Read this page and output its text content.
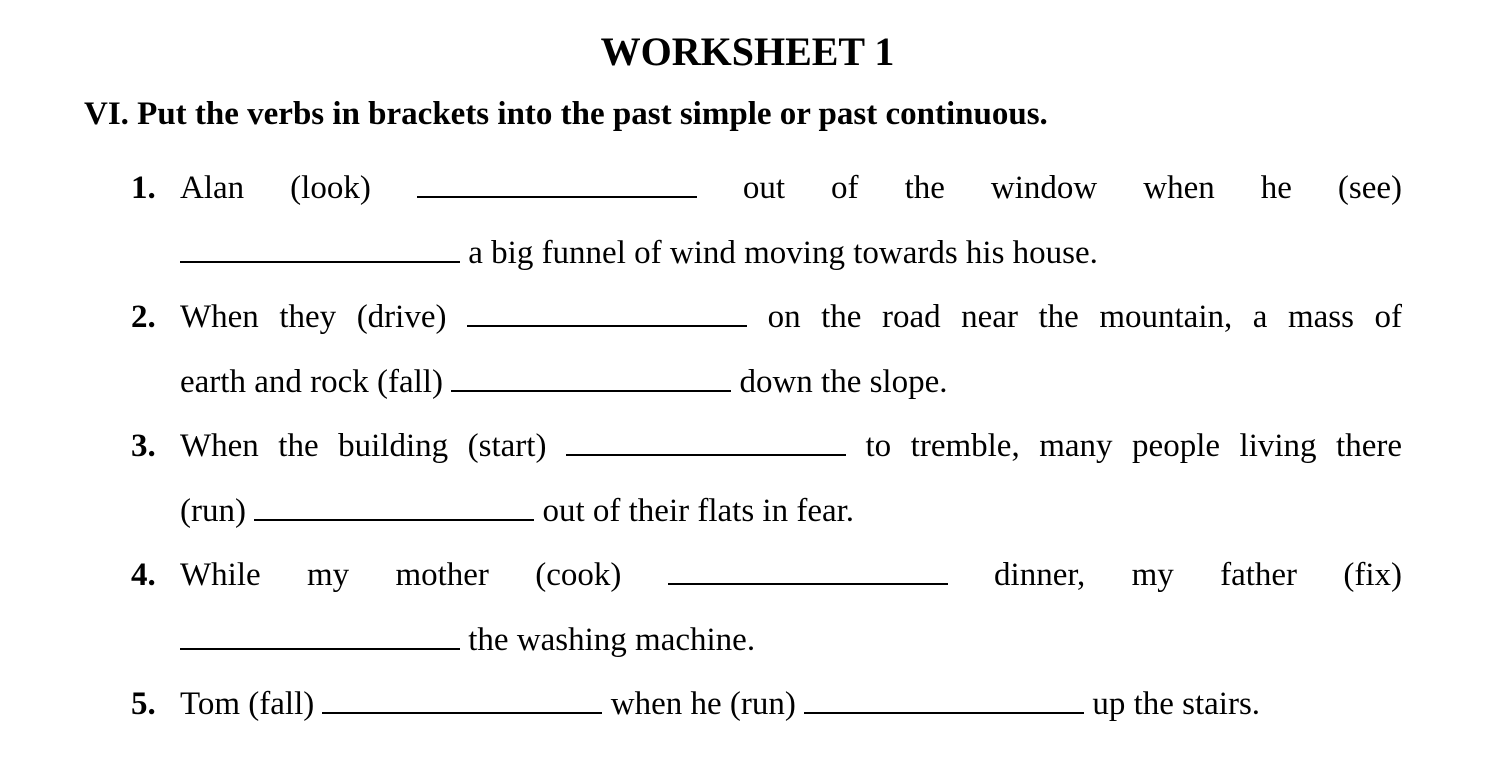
WORKSHEET 1
VI. Put the verbs in brackets into the past simple or past continuous.
1. Alan (look)	out of the window when he (see)
a big funnel of wind moving towards his house.
2. When they (drive)	on the road near the mountain, a mass of
earth and rock (fall)	down the slope.
3. When the building (start)	to tremble, many people living there
(run)	out of their flats in fear.
4. While my mother (cook)	dinner, my father (fix)
the washing machine.
5. Tom (fall)	when he (run)	up the stairs.
